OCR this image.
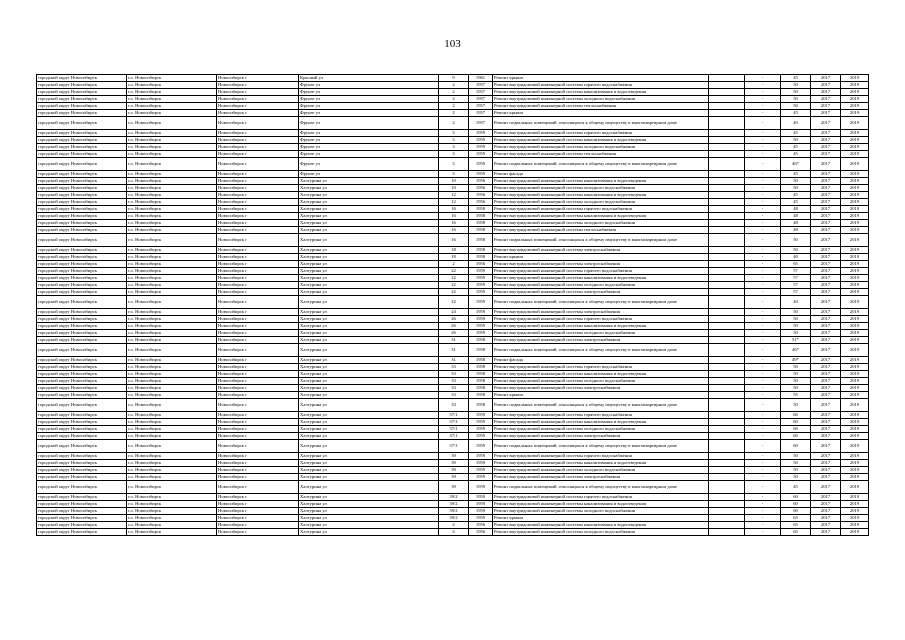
103
городской округ Новосибирск	г.о. Новосибирск	Новосибирск г	Красный ул	9	1961	Ремонт крыши		-	45	2017	2019
городской округ Новосибирск	г.о. Новосибирск	Новосибирск г	Фрунзе ул	2	1957	Ремонт внутридомовой инженерной системы горячего водоснабжения		-	50	2017	2019
городской округ Новосибирск	г.о. Новосибирск	Новосибирск г	Фрунзе ул	2	1957	Ремонт внутридомовой инженерной системы канализования и водоотведения		-	50	2017	2019
городской округ Новосибирск	г.о. Новосибирск	Новосибирск г	Фрунзе ул	2	1957	Ремонт внутридомовой инженерной системы холодного водоснабжения		-	50	2017	2019
городской округ Новосибирск	г.о. Новосибирск	Новосибирск г	Фрунзе ул	2	1957	Ремонт внутридомовой инженерной системы теплоснабжения		-	50	2017	2019
городской округ Новосибирск	г.о. Новосибирск	Новосибирск г	Фрунзе ул	2	1957	Ремонт крыши		-	45	2017	2019
городской округ Новосибирск	г.о. Новосибирск	Новосибирск г	Фрунзе ул	2	1957	Ремонт подвальных помещений, относящихся к общему имуществу в многоквартирном доме		-	40	2017	2019
городской округ Новосибирск	г.о. Новосибирск	Новосибирск г	Фрунзе ул	3	1959	Ремонт внутридомовой инженерной системы горячего водоснабжения		-	45	2017	2019
городской округ Новосибирск	г.о. Новосибирск	Новосибирск г	Фрунзе ул	3	1959	Ремонт внутридомовой инженерной системы канализования и водоотведения		-	50	2017	2019
городской округ Новосибирск	г.о. Новосибирск	Новосибирск г	Фрунзе ул	3	1959	Ремонт внутридомовой инженерной системы холодного водоснабжения		-	45	2017	2019
городской округ Новосибирск	г.о. Новосибирск	Новосибирск г	Фрунзе ул	3	1959	Ремонт внутридомовой инженерной системы теплоснабжения		-	45	2017	2019
городской округ Новосибирск	г.о. Новосибирск	Новосибирск г	Фрунзе ул	3	1959	Ремонт подвальных помещений, относящихся к общему имуществу в многоквартирном доме		-	46*	2017	2019
городской округ Новосибирск	г.о. Новосибирск	Новосибирск г	Фрунзе ул	3	1959	Ремонт фасада		-	45	2017	2019
городской округ Новосибирск	г.о. Новосибирск	Новосибирск г	Халтурина ул	10	1956	Ремонт внутридомовой инженерной системы канализования и водоотведения		-	50	2017	2019
городской округ Новосибирск	г.о. Новосибирск	Новосибирск г	Халтурина ул	10	1956	Ремонт внутридомовой инженерной системы холодного водоснабжения		-	50	2017	2019
городской округ Новосибирск	г.о. Новосибирск	Новосибирск г	Халтурина ул	12	1956	Ремонт внутридомовой инженерной системы канализования и водоотведения		-	45	2017	2019
городской округ Новосибирск	г.о. Новосибирск	Новосибирск г	Халтурина ул	12	1956	Ремонт внутридомовой инженерной системы холодного водоснабжения		-	45	2017	2019
городской округ Новосибирск	г.о. Новосибирск	Новосибирск г	Халтурина ул	16	1958	Ремонт внутридомовой инженерной системы горячего водоснабжения		-	48	2017	2019
городской округ Новосибирск	г.о. Новосибирск	Новосибирск г	Халтурина ул	16	1958	Ремонт внутридомовой инженерной системы канализования и водоотведения		-	48	2017	2019
городской округ Новосибирск	г.о. Новосибирск	Новосибирск г	Халтурина ул	16	1958	Ремонт внутридомовой инженерной системы холодного водоснабжения		-	48	2017	2019
городской округ Новосибирск	г.о. Новосибирск	Новосибирск г	Халтурина ул	16	1958	Ремонт внутридомовой инженерной системы теплоснабжения		-	48	2017	2019
городской округ Новосибирск	г.о. Новосибирск	Новосибирск г	Халтурина ул	16	1958	Ремонт подвальных помещений, относящихся к общему имуществу в многоквартирном доме		-	50	2017	2019
городской округ Новосибирск	г.о. Новосибирск	Новосибирск г	Халтурина ул	18	1958	Ремонт внутридомовой инженерной системы электроснабжения		-	50	2017	2019
городской округ Новосибирск	г.о. Новосибирск	Новосибирск г	Халтурина ул	18	1958	Ремонт крыши		-	40	2017	2019
городской округ Новосибирск	г.о. Новосибирск	Новосибирск г	Халтурина ул	2	1956	Ремонт внутридомовой инженерной системы электроснабжения		-	65	2017	2019
городской округ Новосибирск	г.о. Новосибирск	Новосибирск г	Халтурина ул	22	1959	Ремонт внутридомовой инженерной системы горячего водоснабжения		-	57	2017	2019
городской округ Новосибирск	г.о. Новосибирск	Новосибирск г	Халтурина ул	22	1959	Ремонт внутридомовой инженерной системы канализования и водоотведения		-	57	2017	2019
городской округ Новосибирск	г.о. Новосибирск	Новосибирск г	Халтурина ул	22	1959	Ремонт внутридомовой инженерной системы холодного водоснабжения		-	57	2017	2019
городской округ Новосибирск	г.о. Новосибирск	Новосибирск г	Халтурина ул	22	1959	Ремонт внутридомовой инженерной системы электроснабжения		-	57	2017	2019
городской округ Новосибирск	г.о. Новосибирск	Новосибирск г	Халтурина ул	22	1959	Ремонт подвальных помещений, относящихся к общему имуществу в многоквартирном доме		-	40	2017	2019
городской округ Новосибирск	г.о. Новосибирск	Новосибирск г	Халтурина ул	24	1959	Ремонт внутридомовой инженерной системы электроснабжения		-	50	2017	2019
городской округ Новосибирск	г.о. Новосибирск	Новосибирск г	Халтурина ул	26	1959	Ремонт внутридомовой инженерной системы горячего водоснабжения		-	50	2017	2019
городской округ Новосибирск	г.о. Новосибирск	Новосибирск г	Халтурина ул	26	1959	Ремонт внутридомовой инженерной системы канализования и водоотведения		-	50	2017	2019
городской округ Новосибирск	г.о. Новосибирск	Новосибирск г	Халтурина ул	26	1959	Ремонт внутридомовой инженерной системы холодного водоснабжения		-	50	2017	2019
городской округ Новосибирск	г.о. Новосибирск	Новосибирск г	Халтурина ул	31	1958	Ремонт внутридомовой инженерной системы электроснабжения		-	51*	2017	2019
городской округ Новосибирск	г.о. Новосибирск	Новосибирск г	Халтурина ул	31	1958	Ремонт подвальных помещений, относящихся к общему имуществу в многоквартирном доме		-	46*	2017	2019
городской округ Новосибирск	г.о. Новосибирск	Новосибирск г	Халтурина ул	31	1958	Ремонт фасада		-	49*	2017	2019
городской округ Новосибирск	г.о. Новосибирск	Новосибирск г	Халтурина ул	33	1958	Ремонт внутридомовой инженерной системы горячего водоснабжения		-	50	2017	2019
городской округ Новосибирск	г.о. Новосибирск	Новосибирск г	Халтурина ул	33	1958	Ремонт внутридомовой инженерной системы канализования и водоотведения		-	50	2017	2019
городской округ Новосибирск	г.о. Новосибирск	Новосибирск г	Халтурина ул	33	1958	Ремонт внутридомовой инженерной системы холодного водоснабжения		-	50	2017	2019
городской округ Новосибирск	г.о. Новосибирск	Новосибирск г	Халтурина ул	33	1958	Ремонт внутридомовой инженерной системы электроснабжения		-	50	2017	2019
городской округ Новосибирск	г.о. Новосибирск	Новосибирск г	Халтурина ул	33	1958	Ремонт крыши		-	55	2017	2019
городской округ Новосибирск	г.о. Новосибирск	Новосибирск г	Халтурина ул	33	1958	Ремонт подвальных помещений, относящихся к общему имуществу в многоквартирном доме		-	50	2017	2019
городской округ Новосибирск	г.о. Новосибирск	Новосибирск г	Халтурина ул	37/1	1959	Ремонт внутридомовой инженерной системы горячего водоснабжения		-	60	2017	2019
городской округ Новосибирск	г.о. Новосибирск	Новосибирск г	Халтурина ул	37/1	1959	Ремонт внутридомовой инженерной системы канализования и водоотведения		-	60	2017	2019
городской округ Новосибирск	г.о. Новосибирск	Новосибирск г	Халтурина ул	37/1	1959	Ремонт внутридомовой инженерной системы холодного водоснабжения		-	60	2017	2019
городской округ Новосибирск	г.о. Новосибирск	Новосибирск г	Халтурина ул	37/1	1959	Ремонт внутридомовой инженерной системы электроснабжения		-	60	2017	2019
городской округ Новосибирск	г.о. Новосибирск	Новосибирск г	Халтурина ул	37/1	1959	Ремонт подвальных помещений, относящихся к общему имуществу в многоквартирном доме		-	60	2017	2019
городской округ Новосибирск	г.о. Новосибирск	Новосибирск г	Халтурина ул	39	1959	Ремонт внутридомовой инженерной системы горячего водоснабжения		-	50	2017	2019
городской округ Новосибирск	г.о. Новосибирск	Новосибирск г	Халтурина ул	39	1959	Ремонт внутридомовой инженерной системы канализования и водоотведения		-	50	2017	2019
городской округ Новосибирск	г.о. Новосибирск	Новосибирск г	Халтурина ул	39	1959	Ремонт внутридомовой инженерной системы холодного водоснабжения		-	50	2017	2019
городской округ Новосибирск	г.о. Новосибирск	Новосибирск г	Халтурина ул	39	1959	Ремонт внутридомовой инженерной системы электроснабжения		-	50	2017	2019
городской округ Новосибирск	г.о. Новосибирск	Новосибирск г	Халтурина ул	39	1959	Ремонт подвальных помещений, относящихся к общему имуществу в многоквартирном доме		-	45	2017	2019
городской округ Новосибирск	г.о. Новосибирск	Новосибирск г	Халтурина ул	39/2	1959	Ремонт внутридомовой инженерной системы горячего водоснабжения		-	60	2017	2019
городской округ Новосибирск	г.о. Новосибирск	Новосибирск г	Халтурина ул	39/2	1959	Ремонт внутридомовой инженерной системы канализования и водоотведения		-	60	2017	2019
городской округ Новосибирск	г.о. Новосибирск	Новосибирск г	Халтурина ул	39/2	1959	Ремонт внутридомовой инженерной системы холодного водоснабжения		-	60	2017	2019
городской округ Новосибирск	г.о. Новосибирск	Новосибирск г	Халтурина ул	39/2	1959	Ремонт крыши		-	65	2017	2019
городской округ Новосибирск	г.о. Новосибирск	Новосибирск г	Халтурина ул	4	1956	Ремонт внутридомовой инженерной системы канализования и водоотведения		-	65	2017	2019
городской округ Новосибирск	г.о. Новосибирск	Новосибирск г	Халтурина ул	4	1956	Ремонт внутридомовой инженерной системы холодного водоснабжения		-	65	2017	2019
